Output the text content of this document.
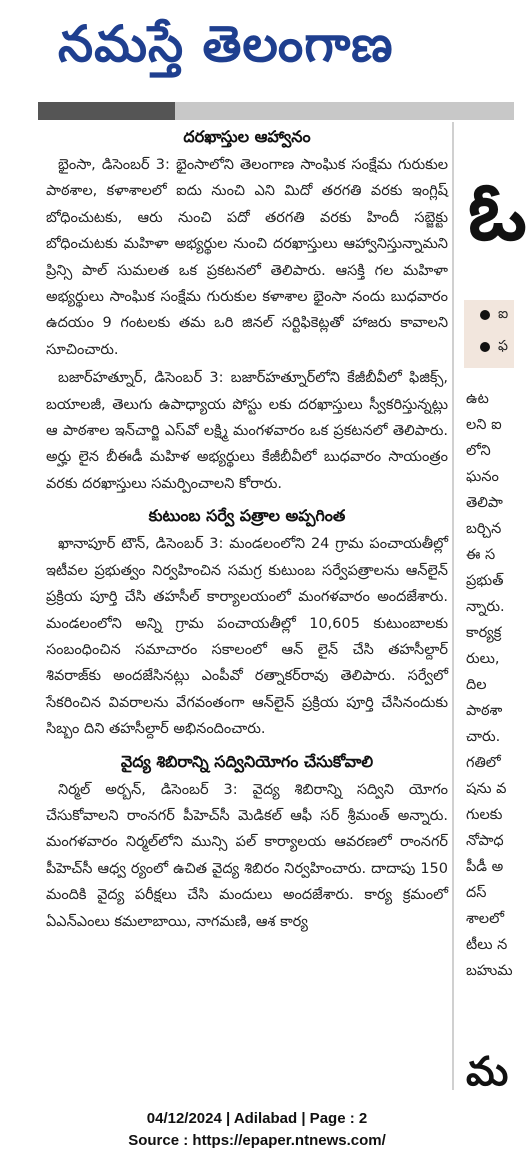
నమస్తే తెలంగాణ
దరఖాస్తుల ఆహ్వానం

భైంసా, డిసెంబర్ 3: భైంసాలోని తెలంగాణ సాంఘిక సంక్షేమ గురుకుల పాఠశాల, కళాశాలలో ఐదు నుంచి ఎని మిదో తరగతి వరకు ఇంగ్లిష్ బోధించుటకు, ఆరు నుంచి పదో తరగతి వరకు హిందీ సబ్జెక్టు బోధించుటకు మహిళా అభ్యర్థుల నుంచి దరఖాస్తులు ఆహ్వానిస్తున్నామని ప్రిన్సి పాల్ సుమలత ఒక ప్రకటనలో తెలిపారు. ఆసక్తి గల మహిళా అభ్యర్థులు సాంఘిక సంక్షేమ గురుకుల కళాశాల భైంసా నందు బుధవారం ఉదయం 9 గంటలకు తమ ఒరి జినల్ సర్టిఫికెట్లతో హాజరు కావాలని సూచించారు.

బజార్‌హత్నూర్, డిసెంబర్ 3: బజార్‌హత్నూర్‌లోని కేజీబీవీలో ఫిజిక్స్, బయాలజీ, తెలుగు ఉపాధ్యాయ పోస్టు లకు దరఖాస్తులు స్వీకరిస్తున్నట్లు ఆ పాఠశాల ఇన్‌చార్జి ఎస్‌వో లక్ష్మి మంగళవారం ఒక ప్రకటనలో తెలిపారు. అర్హు లైన బీఈడీ మహిళ అభ్యర్థులు కేజీబీవీలో బుధవారం సాయంత్రం వరకు దరఖాస్తులు సమర్పించాలని కోరారు.

కుటుంబ సర్వే పత్రాల అప్పగింత

ఖానాపూర్ టౌన్, డిసెంబర్ 3: మండలంలోని 24 గ్రామ పంచాయతీల్లో ఇటీవల ప్రభుత్వం నిర్వహించిన సమగ్ర కుటుంబ సర్వేపత్రాలను ఆన్‌లైన్ ప్రక్రియ పూర్తి చేసి తహసీల్ కార్యాలయంలో మంగళవారం అందజేశారు. మండలంలోని అన్ని గ్రామ పంచాయతీల్లో 10,605 కుటుంబాలకు సంబంధించిన సమాచారం సకాలంలో ఆన్ లైన్ చేసి తహసీల్దార్ శివరాజ్‌కు అందజేసినట్లు ఎంపీవో రత్నాకర్‌రావు తెలిపారు. సర్వేలో సేకరించిన వివరాలను వేగవంతంగా ఆన్‌లైన్ ప్రక్రియ పూర్తి చేసినందుకు సిబ్బం దిని తహసీల్దార్ అభినందించారు.

వైద్య శిబిరాన్ని సద్వినియోగం చేసుకోవాలి

నిర్మల్ అర్బన్, డిసెంబర్ 3: వైద్య శిబిరాన్ని సద్విని యోగం చేసుకోవాలని రాంనగర్ పీహెచ్‌సీ మెడికల్ ఆఫీ సర్ శ్రీమంత్ అన్నారు. మంగళవారం నిర్మల్‌లోని మున్సి పల్ కార్యాలయ ఆవరణలో రాంనగర్ పీహెచ్‌సీ ఆధ్వ ర్యంలో ఉచిత వైద్య శిబిరం నిర్వహించారు. దాదాపు 150 మందికి వైద్య పరీక్షలు చేసి మందులు అందజేశారు. కార్య క్రమంలో ఏఎన్‌ఎంలు కమలాబాయి, నాగమణి, ఆశ కార్య

ఓ
ఐ
ఫ
ఉట
లని ఐ
లోని
ఘనం
తెలిపా
బర్చిన
ఈ స
ప్రభుత్
న్నారు.
కార్యక్ర
రులు,
దిల
పాఠశా
చారు.
గతిలో
షను వ
గులకు
నోపాధ
పీడీ అ
దస్
శాలలో
టీలు న
బహుమ
మ
04/12/2024 | Adilabad | Page : 2
Source : https://epaper.ntnews.com/
